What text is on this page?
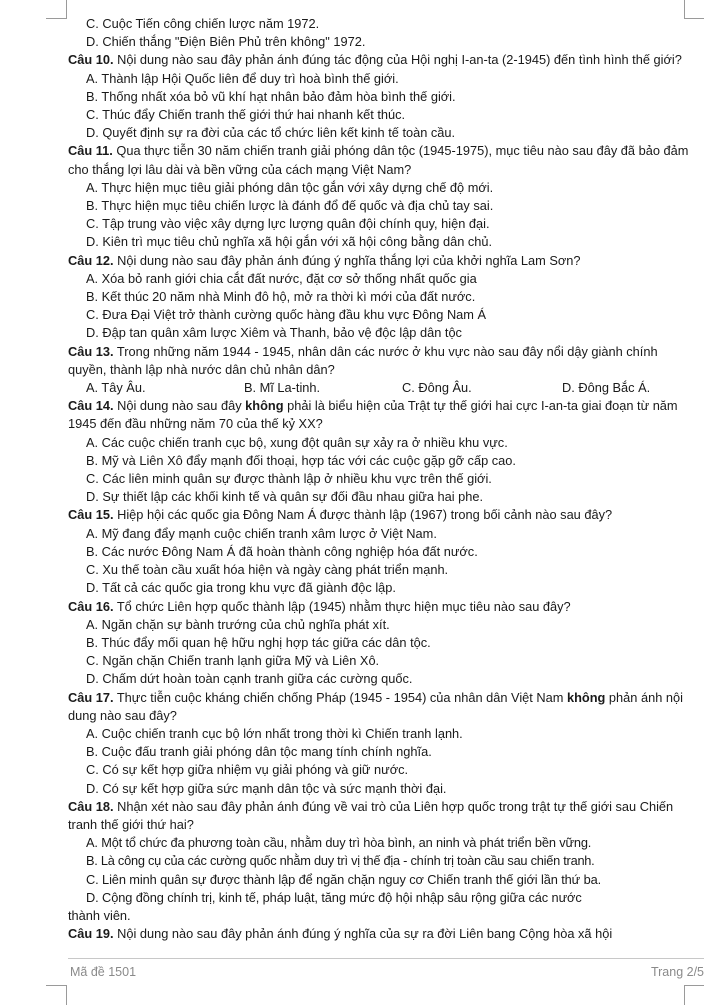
C. Cuộc Tiến công chiến lược năm 1972.
D. Chiến thắng "Điện Biên Phủ trên không" 1972.
Câu 10. Nội dung nào sau đây phản ánh đúng tác động của Hội nghị I-an-ta (2-1945) đến tình hình thế giới?
A. Thành lập Hội Quốc liên để duy trì hoà bình thế giới.
B. Thống nhất xóa bỏ vũ khí hạt nhân bảo đảm hòa bình thế giới.
C. Thúc đẩy Chiến tranh thế giới thứ hai nhanh kết thúc.
D. Quyết định sự ra đời của các tổ chức liên kết kinh tế toàn cầu.
Câu 11. Qua thực tiễn 30 năm chiến tranh giải phóng dân tộc (1945-1975), mục tiêu nào sau đây đã bảo đảm cho thắng lợi lâu dài và bền vững của cách mạng Việt Nam?
A. Thực hiện mục tiêu giải phóng dân tộc gắn với xây dựng chế độ mới.
B. Thực hiện mục tiêu chiến lược là đánh đổ đế quốc và địa chủ tay sai.
C. Tập trung vào việc xây dựng lực lượng quân đội chính quy, hiện đại.
D. Kiên trì mục tiêu chủ nghĩa xã hội gắn với xã hội công bằng dân chủ.
Câu 12. Nội dung nào sau đây phản ánh đúng ý nghĩa thắng lợi của khởi nghĩa Lam Sơn?
A. Xóa bỏ ranh giới chia cắt đất nước, đặt cơ sở thống nhất quốc gia
B. Kết thúc 20 năm nhà Minh đô hộ, mở ra thời kì mới của đất nước.
C. Đưa Đại Việt trở thành cường quốc hàng đầu khu vực Đông Nam Á
D. Đập tan quân xâm lược Xiêm và Thanh, bảo vệ độc lập dân tộc
Câu 13. Trong những năm 1944 - 1945, nhân dân các nước ở khu vực nào sau đây nổi dậy giành chính quyền, thành lập nhà nước dân chủ nhân dân?
A. Tây Âu.	B. Mĩ La-tinh.	C. Đông Âu.	D. Đông Bắc Á.
Câu 14. Nội dung nào sau đây không phải là biểu hiện của Trật tự thế giới hai cực I-an-ta giai đoạn từ năm 1945 đến đầu những năm 70 của thế kỷ XX?
A. Các cuộc chiến tranh cục bộ, xung đột quân sự xảy ra ở nhiều khu vực.
B. Mỹ và Liên Xô đẩy mạnh đối thoại, hợp tác với các cuộc gặp gỡ cấp cao.
C. Các liên minh quân sự được thành lập ở nhiều khu vực trên thế giới.
D. Sự thiết lập các khối kinh tế và quân sự đối đầu nhau giữa hai phe.
Câu 15. Hiệp hội các quốc gia Đông Nam Á được thành lập (1967) trong bối cảnh nào sau đây?
A. Mỹ đang đẩy mạnh cuộc chiến tranh xâm lược ở Việt Nam.
B. Các nước Đông Nam Á đã hoàn thành công nghiệp hóa đất nước.
C. Xu thế toàn cầu xuất hóa hiện và ngày càng phát triển mạnh.
D. Tất cả các quốc gia trong khu vực đã giành độc lập.
Câu 16. Tổ chức Liên hợp quốc thành lập (1945) nhằm thực hiện mục tiêu nào sau đây?
A. Ngăn chặn sự bành trướng của chủ nghĩa phát xít.
B. Thúc đẩy mối quan hệ hữu nghị hợp tác giữa các dân tộc.
C. Ngăn chặn Chiến tranh lạnh giữa Mỹ và Liên Xô.
D. Chấm dứt hoàn toàn cạnh tranh giữa các cường quốc.
Câu 17. Thực tiễn cuộc kháng chiến chống Pháp (1945 - 1954) của nhân dân Việt Nam không phản ánh nội dung nào sau đây?
A. Cuộc chiến tranh cục bộ lớn nhất trong thời kì Chiến tranh lạnh.
B. Cuộc đấu tranh giải phóng dân tộc mang tính chính nghĩa.
C. Có sự kết hợp giữa nhiệm vụ giải phóng và giữ nước.
D. Có sự kết hợp giữa sức mạnh dân tộc và sức mạnh thời đại.
Câu 18. Nhận xét nào sau đây phản ánh đúng về vai trò của Liên hợp quốc trong trật tự thế giới sau Chiến tranh thế giới thứ hai?
A. Một tổ chức đa phương toàn cầu, nhằm duy trì hòa bình, an ninh và phát triển bền vững.
B. Là công cụ của các cường quốc nhằm duy trì vị thế địa - chính trị toàn cầu sau chiến tranh.
C. Liên minh quân sự được thành lập để ngăn chặn nguy cơ Chiến tranh thế giới lần thứ ba.
D. Cộng đồng chính trị, kinh tế, pháp luật, tăng mức độ hội nhập sâu rộng giữa các nước
thành viên.
Câu 19. Nội dung nào sau đây phản ánh đúng ý nghĩa của sự ra đời Liên bang Cộng hòa xã hội
Mã đề 1501	Trang 2/5
